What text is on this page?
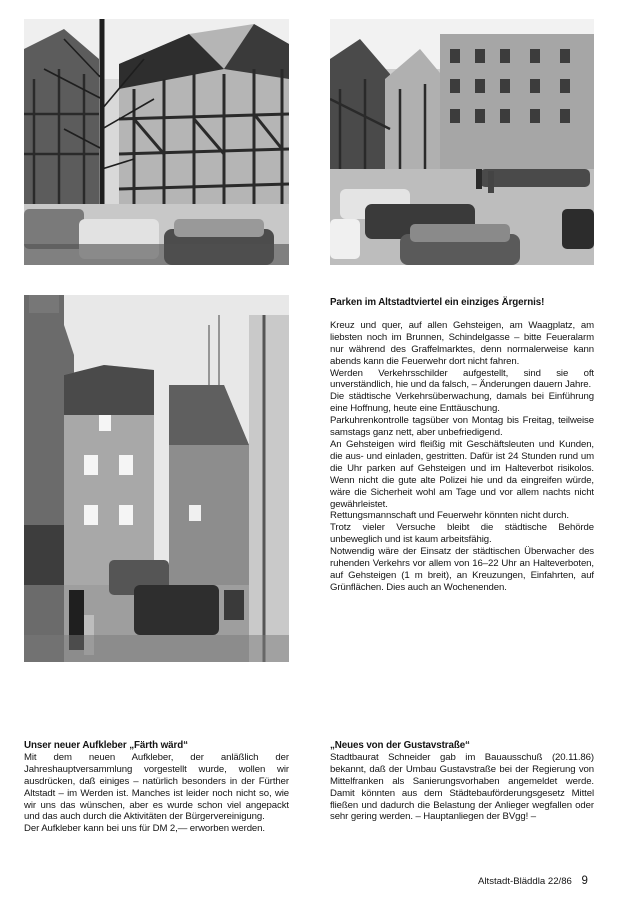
Parken im Altstadtviertel ein einziges Ärgernis!

Kreuz und quer, auf allen Gehsteigen, am Waagplatz, am liebsten noch im Brunnen, Schindelgasse – bitte Feueralarm nur während des Graffelmarktes, denn normalerweise kann abends kann die Feuerwehr dort nicht fahren.

Werden Verkehrsschilder aufgestellt, sind sie oft unverständlich, hie und da falsch, – Änderungen dauern Jahre.

Die städtische Verkehrsüberwachung, damals bei Einführung eine Hoffnung, heute eine Enttäuschung.

Parkuhrenkontrolle tagsüber von Montag bis Freitag, teilweise samstags ganz nett, aber unbefriedigend.

An Gehsteigen wird fleißig mit Geschäftsleuten und Kunden, die aus- und einladen, gestritten. Dafür ist 24 Stunden rund um die Uhr parken auf Gehsteigen und im Halteverbot risikolos. Wenn nicht die gute alte Polizei hie und da eingreifen würde, wäre die Sicherheit wohl am Tage und vor allem nachts nicht gewährleistet.

Rettungsmannschaft und Feuerwehr könnten nicht durch.

Trotz vieler Versuche bleibt die städtische Behörde unbeweglich und ist kaum arbeitsfähig.

Notwendig wäre der Einsatz der städtischen Überwacher des ruhenden Verkehrs vor allem von 16–22 Uhr an Halteverboten, auf Gehsteigen (1 m breit), an Kreuzungen, Einfahrten, auf Grünflächen. Dies auch an Wochenenden.

Unser neuer Aufkleber „Färth wärd“

Mit dem neuen Aufkleber, der anläßlich der Jahreshauptversammlung vorgestellt wurde, wollen wir ausdrücken, daß einiges – natürlich besonders in der Fürther Altstadt – im Werden ist. Manches ist leider noch nicht so, wie wir uns das wünschen, aber es wurde schon viel angepackt und das auch durch die Aktivitäten der Bürgervereinigung.

Der Aufkleber kann bei uns für DM 2,— erworben werden.

„Neues von der Gustavstraße“

Stadtbaurat Schneider gab im Bauausschuß (20.11.86) bekannt, daß der Umbau Gustavstraße bei der Regierung von Mittelfranken als Sanierungsvorhaben angemeldet werde. Damit könnten aus dem Städtebauförderungsgesetz Mittel fließen und dadurch die Belastung der Anlieger wegfallen oder sehr gering werden. – Hauptanliegen der BVgg! –

Altstadt-Bläddla 22/86 9
